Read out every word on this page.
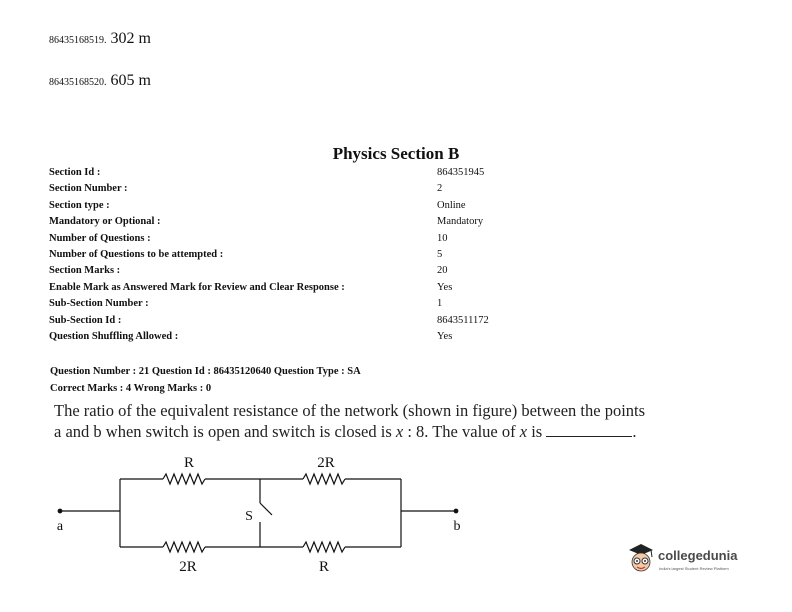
86435168519. 302 m
86435168520. 605 m
Physics Section B
Section Id :	864351945
Section Number :	2
Section type :	Online
Mandatory or Optional :	Mandatory
Number of Questions :	10
Number of Questions to be attempted :	5
Section Marks :	20
Enable Mark as Answered Mark for Review and Clear Response :	Yes
Sub-Section Number :	1
Sub-Section Id :	8643511172
Question Shuffling Allowed :	Yes
Question Number : 21 Question Id : 86435120640 Question Type : SA
Correct Marks : 4 Wrong Marks : 0
The ratio of the equivalent resistance of the network (shown in figure) between the points
a and b when switch is open and switch is closed is x : 8. The value of x is	.
R	2R
2R	R
S
a	b
collegedunia
India's largest Student Review Platform
